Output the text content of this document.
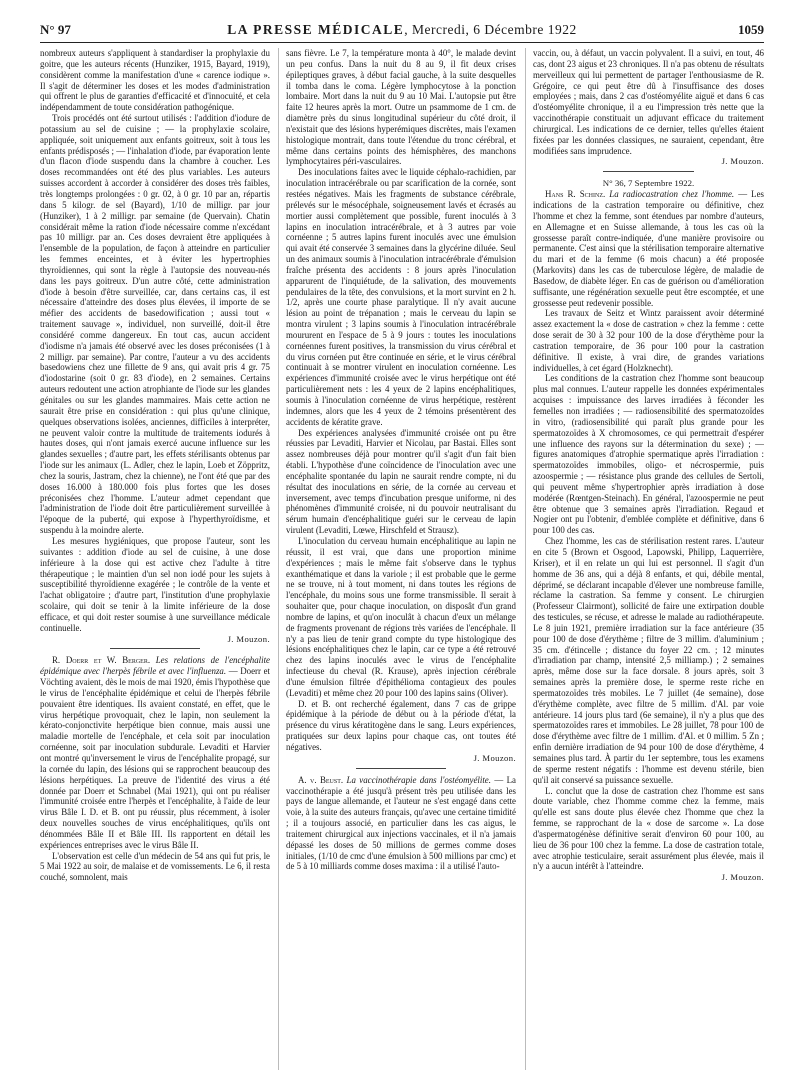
N° 97	LA PRESSE MÉDICALE, Mercredi, 6 Décembre 1922	1059

nombreux auteurs s'appliquent à standardiser la prophylaxie du goitre, que les auteurs récents (Hunziker, 1915, Bayard, 1919), considèrent comme la manifestation d'une « carence iodique ». Il s'agit de déterminer les doses et les modes d'administration qui offrent le plus de garanties d'efficacité et d'innocuité, et cela indépendamment de toute considération pathogénique.

Trois procédés ont été surtout utilisés : l'addition d'iodure de potassium au sel de cuisine ; — la prophylaxie scolaire, appliquée, soit uniquement aux enfants goitreux, soit à tous les enfants prédisposés ; — l'inhalation d'iode, par évaporation lente d'un flacon d'iode suspendu dans la chambre à coucher. Les doses recommandées ont été des plus variables. Les auteurs suisses accordent à accorder à considérer des doses très faibles, très longtemps prolongées : 0 gr. 02, à 0 gr. 10 par an, répartis dans 5 kilogr. de sel (Bayard), 1/10 de milligr. par jour (Hunziker), 1 à 2 milligr. par semaine (de Quervain). Chatin considérait même la ration d'iode nécessaire comme n'excédant pas 10 milligr. par an. Ces doses devraient être appliquées à l'ensemble de la population, de façon à atteindre en particulier les femmes enceintes, et à éviter les hypertrophies thyroïdiennes, qui sont la règle à l'autopsie des nouveau-nés dans les pays goitreux. D'un autre côté, cette administration d'iode à besoin d'être surveillée, car, dans certains cas, il est nécessaire d'atteindre des doses plus élevées, il importe de se méfier des accidents de basedowification ; aussi tout « traitement sauvage », individuel, non surveillé, doit-il être considéré comme dangereux. En tout cas, aucun accident d'iodisme n'a jamais été observé avec les doses préconisées (1 à 2 milligr. par semaine). Par contre, l'auteur a vu des accidents basedowiens chez une fillette de 9 ans, qui avait pris 4 gr. 75 d'iodostarine (soit 0 gr. 83 d'iode), en 2 semaines. Certains auteurs redoutent une action atrophiante de l'iode sur les glandes génitales ou sur les glandes mammaires. Mais cette action ne saurait être prise en considération : qui plus qu'une clinique, quelques observations isolées, anciennes, difficiles à interpréter, ne peuvent valoir contre la multitude de traitements iodurés à hautes doses, qui n'ont jamais exercé aucune influence sur les glandes sexuelles ; d'autre part, les effets stérilisants obtenus par l'iode sur les animaux (L. Adler, chez le lapin, Loeb et Zöppritz, chez la souris, Jastram, chez la chienne), ne l'ont été que par des doses 16.000 à 180.000 fois plus fortes que les doses préconisées chez l'homme. L'auteur admet cependant que l'administration de l'iode doit être particulièrement surveillée à l'époque de la puberté, qui expose à l'hyperthyroïdisme, et suspendu à la moindre alerte.

Les mesures hygiéniques, que propose l'auteur, sont les suivantes : addition d'iode au sel de cuisine, à une dose inférieure à la dose qui est active chez l'adulte à titre thérapeutique ; le maintien d'un sel non iodé pour les sujets à susceptibilité thyroïdienne exagérée ; le contrôle de la vente et l'achat obligatoire ; d'autre part, l'institution d'une prophylaxie scolaire, qui doit se tenir à la limite inférieure de la dose efficace, et qui doit rester soumise à une surveillance médicale continuelle.

J. Mouzon.

R. Doerr et W. Berger. Les relations de l'encéphalite épidémique avec l'herpès fébrile et avec l'influenza. — Doerr et Vöchting avaient, dès le mois de mai 1920, émis l'hypothèse que le virus de l'encéphalite épidémique et celui de l'herpès fébrile pouvaient être identiques. Ils avaient constaté, en effet, que le virus herpétique provoquait, chez le lapin, non seulement la kérato-conjonctivite herpétique bien connue, mais aussi une maladie mortelle de l'encéphale, et cela soit par inoculation cornéenne, soit par inoculation subdurale. Levaditi et Harvier ont montré qu'inversement le virus de l'encéphalite propagé, sur la cornée du lapin, des lésions qui se rapprochent beaucoup des lésions herpétiques. La preuve de l'identité des virus a été donnée par Doerr et Schnabel (Mai 1921), qui ont pu réaliser l'immunité croisée entre l'herpès et l'encéphalite, à l'aide de leur virus Bâle I. D. et B. ont pu réussir, plus récemment, à isoler deux nouvelles souches de virus encéphalitiques, qu'ils ont dénommées Bâle II et Bâle III. Ils rapportent en détail les expériences entreprises avec le virus Bâle II.

L'observation est celle d'un médecin de 54 ans qui fut pris, le 5 Mai 1922 au soir, de malaise et de vomissements. Le 6, il resta couché, somnolent, mais

sans fièvre. Le 7, la température monta à 40°, le malade devint un peu confus. Dans la nuit du 8 au 9, il fit deux crises épileptiques graves, à début facial gauche, à la suite desquelles il tomba dans le coma. Légère lymphocytose à la ponction lombaire. Mort dans la nuit du 9 au 10 Mai. L'autopsie put être faite 12 heures après la mort. Outre un psammome de 1 cm. de diamètre près du sinus longitudinal supérieur du côté droit, il n'existait que des lésions hyperémiques discrètes, mais l'examen histologique montrait, dans toute l'étendue du tronc cérébral, et même dans certains points des hémisphères, des manchons lymphocytaires péri-vasculaires.

Des inoculations faites avec le liquide céphalo-rachidien, par inoculation intracérébrale ou par scarification de la cornée, sont restées négatives. Mais les fragments de substance cérébrale, prélevés sur le mésocéphale, soigneusement lavés et écrasés au mortier aussi complètement que possible, furent inoculés à 3 lapins en inoculation intracérébrale, et à 3 autres par voie cornéenne ; 5 autres lapins furent inoculés avec une émulsion qui avait été conservée 3 semaines dans la glycérine diluée. Seul un des animaux soumis à l'inoculation intracérébrale d'émulsion fraîche présenta des accidents : 8 jours après l'inoculation apparurent de l'inquiétude, de la salivation, des mouvements pendulaires de la tête, des convulsions, et la mort survint en 2 h. 1/2, après une courte phase paralytique. Il n'y avait aucune lésion au point de trépanation ; mais le cerveau du lapin se montra virulent ; 3 lapins soumis à l'inoculation intracérébrale moururent en l'espace de 5 à 9 jours : toutes les inoculations cornéennes furent positives, la transmission du virus cérébral et du virus cornéen put être continuée en série, et le virus cérébral continuait à se montrer virulent en inoculation cornéenne. Les expériences d'immunité croisée avec le virus herpétique ont été particulièrement nets : les 4 yeux de 2 lapins encéphalitiques, soumis à l'inoculation cornéenne de virus herpétique, restèrent indemnes, alors que les 4 yeux de 2 témoins présentèrent des accidents de kératite grave.

Des expériences analysées d'immunité croisée ont pu être réussies par Levaditi, Harvier et Nicolau, par Bastai. Elles sont assez nombreuses déjà pour montrer qu'il s'agit d'un fait bien établi. L'hypothèse d'une coïncidence de l'inoculation avec une encéphalite spontanée du lapin ne saurait rendre compte, ni du résultat des inoculations en série, de la cornée au cerveau et inversement, avec temps d'incubation presque uniforme, ni des phénomènes d'immunité croisée, ni du pouvoir neutralisant du sérum humain d'encéphalitique guéri sur le cerveau de lapin virulent (Levaditi, Lœwe, Hirschfeld et Strausz).

L'inoculation du cerveau humain encéphalitique au lapin ne réussit, il est vrai, que dans une proportion minime d'expériences ; mais le même fait s'observe dans le typhus exanthématique et dans la variole ; il est probable que le germe ne se trouve, ni à tout moment, ni dans toutes les régions de l'encéphale, du moins sous une forme transmissible. Il serait à souhaiter que, pour chaque inoculation, on disposât d'un grand nombre de lapins, et qu'on inoculât à chacun d'eux un mélange de fragments provenant de régions très variées de l'encéphale. Il n'y a pas lieu de tenir grand compte du type histologique des lésions encéphalitiques chez le lapin, car ce type a été retrouvé chez des lapins inoculés avec le virus de l'encéphalite infectieuse du cheval (R. Krause), après injection cérébrale d'une émulsion filtrée d'épithélioma contagieux des poules (Levaditi) et même chez 20 pour 100 des lapins sains (Oliver).

D. et B. ont recherché également, dans 7 cas de grippe épidémique à la période de début ou à la période d'état, la présence du virus kératitogène dans le sang. Leurs expériences, pratiquées sur deux lapins pour chaque cas, ont toutes été négatives.

J. Mouzon.

A. v. Beust. La vaccinothérapie dans l'ostéomyélite. — La vaccinothérapie a été jusqu'à présent très peu utilisée dans les pays de langue allemande, et l'auteur ne s'est engagé dans cette voie, à la suite des auteurs français, qu'avec une certaine timidité ; il a toujours associé, en particulier dans les cas aigus, le traitement chirurgical aux injections vaccinales, et il n'a jamais dépassé les doses de 50 millions de germes comme doses initiales, (1/10 de cmc d'une émulsion à 500 millions par cmc) et de 5 à 10 milliards comme doses maxima : il a utilisé l'auto-

vaccin, ou, à défaut, un vaccin polyvalent. Il a suivi, en tout, 46 cas, dont 23 aigus et 23 chroniques. Il n'a pas obtenu de résultats merveilleux qui lui permettent de partager l'enthousiasme de R. Grégoire, ce qui peut être dû à l'insuffisance des doses employées ; mais, dans 2 cas d'ostéomyélite aiguë et dans 6 cas d'ostéomyélite chronique, il a eu l'impression très nette que la vaccinothérapie constituait un adjuvant efficace du traitement chirurgical. Les indications de ce dernier, telles qu'elles étaient fixées par les données classiques, ne sauraient, cependant, être modifiées sans imprudence.

J. Mouzon.

N° 36, 7 Septembre 1922.

Hans R. Schinz. La radiocastration chez l'homme. — Les indications de la castration temporaire ou définitive, chez l'homme et chez la femme, sont étendues par nombre d'auteurs, en Allemagne et en Suisse allemande, à tous les cas où la grossesse paraît contre-indiquée, d'une manière provisoire ou permanente. C'est ainsi que la stérilisation temporaire alternative du mari et de la femme (6 mois chacun) a été proposée (Markovits) dans les cas de tuberculose légère, de maladie de Basedow, de diabète léger. En cas de guérison ou d'amélioration suffisante, une régénération sexuelle peut être escomptée, et une grossesse peut redevenir possible.

Les travaux de Seitz et Wintz paraissent avoir déterminé assez exactement la « dose de castration » chez la femme : cette dose serait de 30 à 32 pour 100 de la dose d'érythème pour la castration temporaire, de 36 pour 100 pour la castration définitive. Il existe, à vrai dire, de grandes variations individuelles, à cet égard (Holzknecht).

Les conditions de la castration chez l'homme sont beaucoup plus mal connues. L'auteur rappelle les données expérimentales acquises : impuissance des larves irradiées à féconder les femelles non irradiées ; — radiosensibilité des spermatozoïdes in vitro, (radiosensibilité qui paraît plus grande pour les spermatozoïdes à X chromosomes, ce qui permettrait d'espérer une influence des rayons sur la détermination du sexe) ; — figures anatomiques d'atrophie spermatique après l'irradiation : spermatozoïdes immobiles, oligo- et nécrospermie, puis azoospermie ; — résistance plus grande des cellules de Sertoli, qui peuvent même s'hypertrophier après irradiation à dose modérée (Rœntgen-Steinach). En général, l'azoospermie ne peut être obtenue que 3 semaines après l'irradiation. Regaud et Nogier ont pu l'obtenir, d'emblée complète et définitive, dans 6 pour 100 des cas.

Chez l'homme, les cas de stérilisation restent rares. L'auteur en cite 5 (Brown et Osgood, Lapowski, Philipp, Laquerrière, Kriser), et il en relate un qui lui est personnel. Il s'agit d'un homme de 36 ans, qui a déjà 8 enfants, et qui, débile mental, déprimé, se déclarant incapable d'élever une nombreuse famille, réclame la castration. Sa femme y consent. Le chirurgien (Professeur Clairmont), sollicité de faire une extirpation double des testicules, se récuse, et adresse le malade au radiothérapeute. Le 8 juin 1921, première irradiation sur la face antérieure (35 pour 100 de dose d'érythème ; filtre de 3 millim. d'aluminium ; 35 cm. d'étincelle ; distance du foyer 22 cm. ; 12 minutes d'irradiation par champ, intensité 2,5 milliamp.) ; 2 semaines après, même dose sur la face dorsale. 8 jours après, soit 3 semaines après la première dose, le sperme reste riche en spermatozoïdes très mobiles. Le 7 juillet (4e semaine), dose d'érythème complète, avec filtre de 5 millim. d'Al. par voie antérieure. 14 jours plus tard (6e semaine), il n'y a plus que des spermatozoïdes rares et immobiles. Le 28 juillet, 78 pour 100 de dose d'érythème avec filtre de 1 millim. d'Al. et 0 millim. 5 Zn ; enfin dernière irradiation de 94 pour 100 de dose d'érythème, 4 semaines plus tard. À partir du 1er septembre, tous les examens de sperme restent négatifs : l'homme est devenu stérile, bien qu'il ait conservé sa puissance sexuelle.

L. conclut que la dose de castration chez l'homme est sans doute variable, chez l'homme comme chez la femme, mais qu'elle est sans doute plus élevée chez l'homme que chez la femme, se rapprochant de la « dose de sarcome ». La dose d'aspermatogénèse définitive serait d'environ 60 pour 100, au lieu de 36 pour 100 chez la femme. La dose de castration totale, avec atrophie testiculaire, serait assurément plus élevée, mais il n'y a aucun intérêt à l'atteindre.

J. Mouzon.
